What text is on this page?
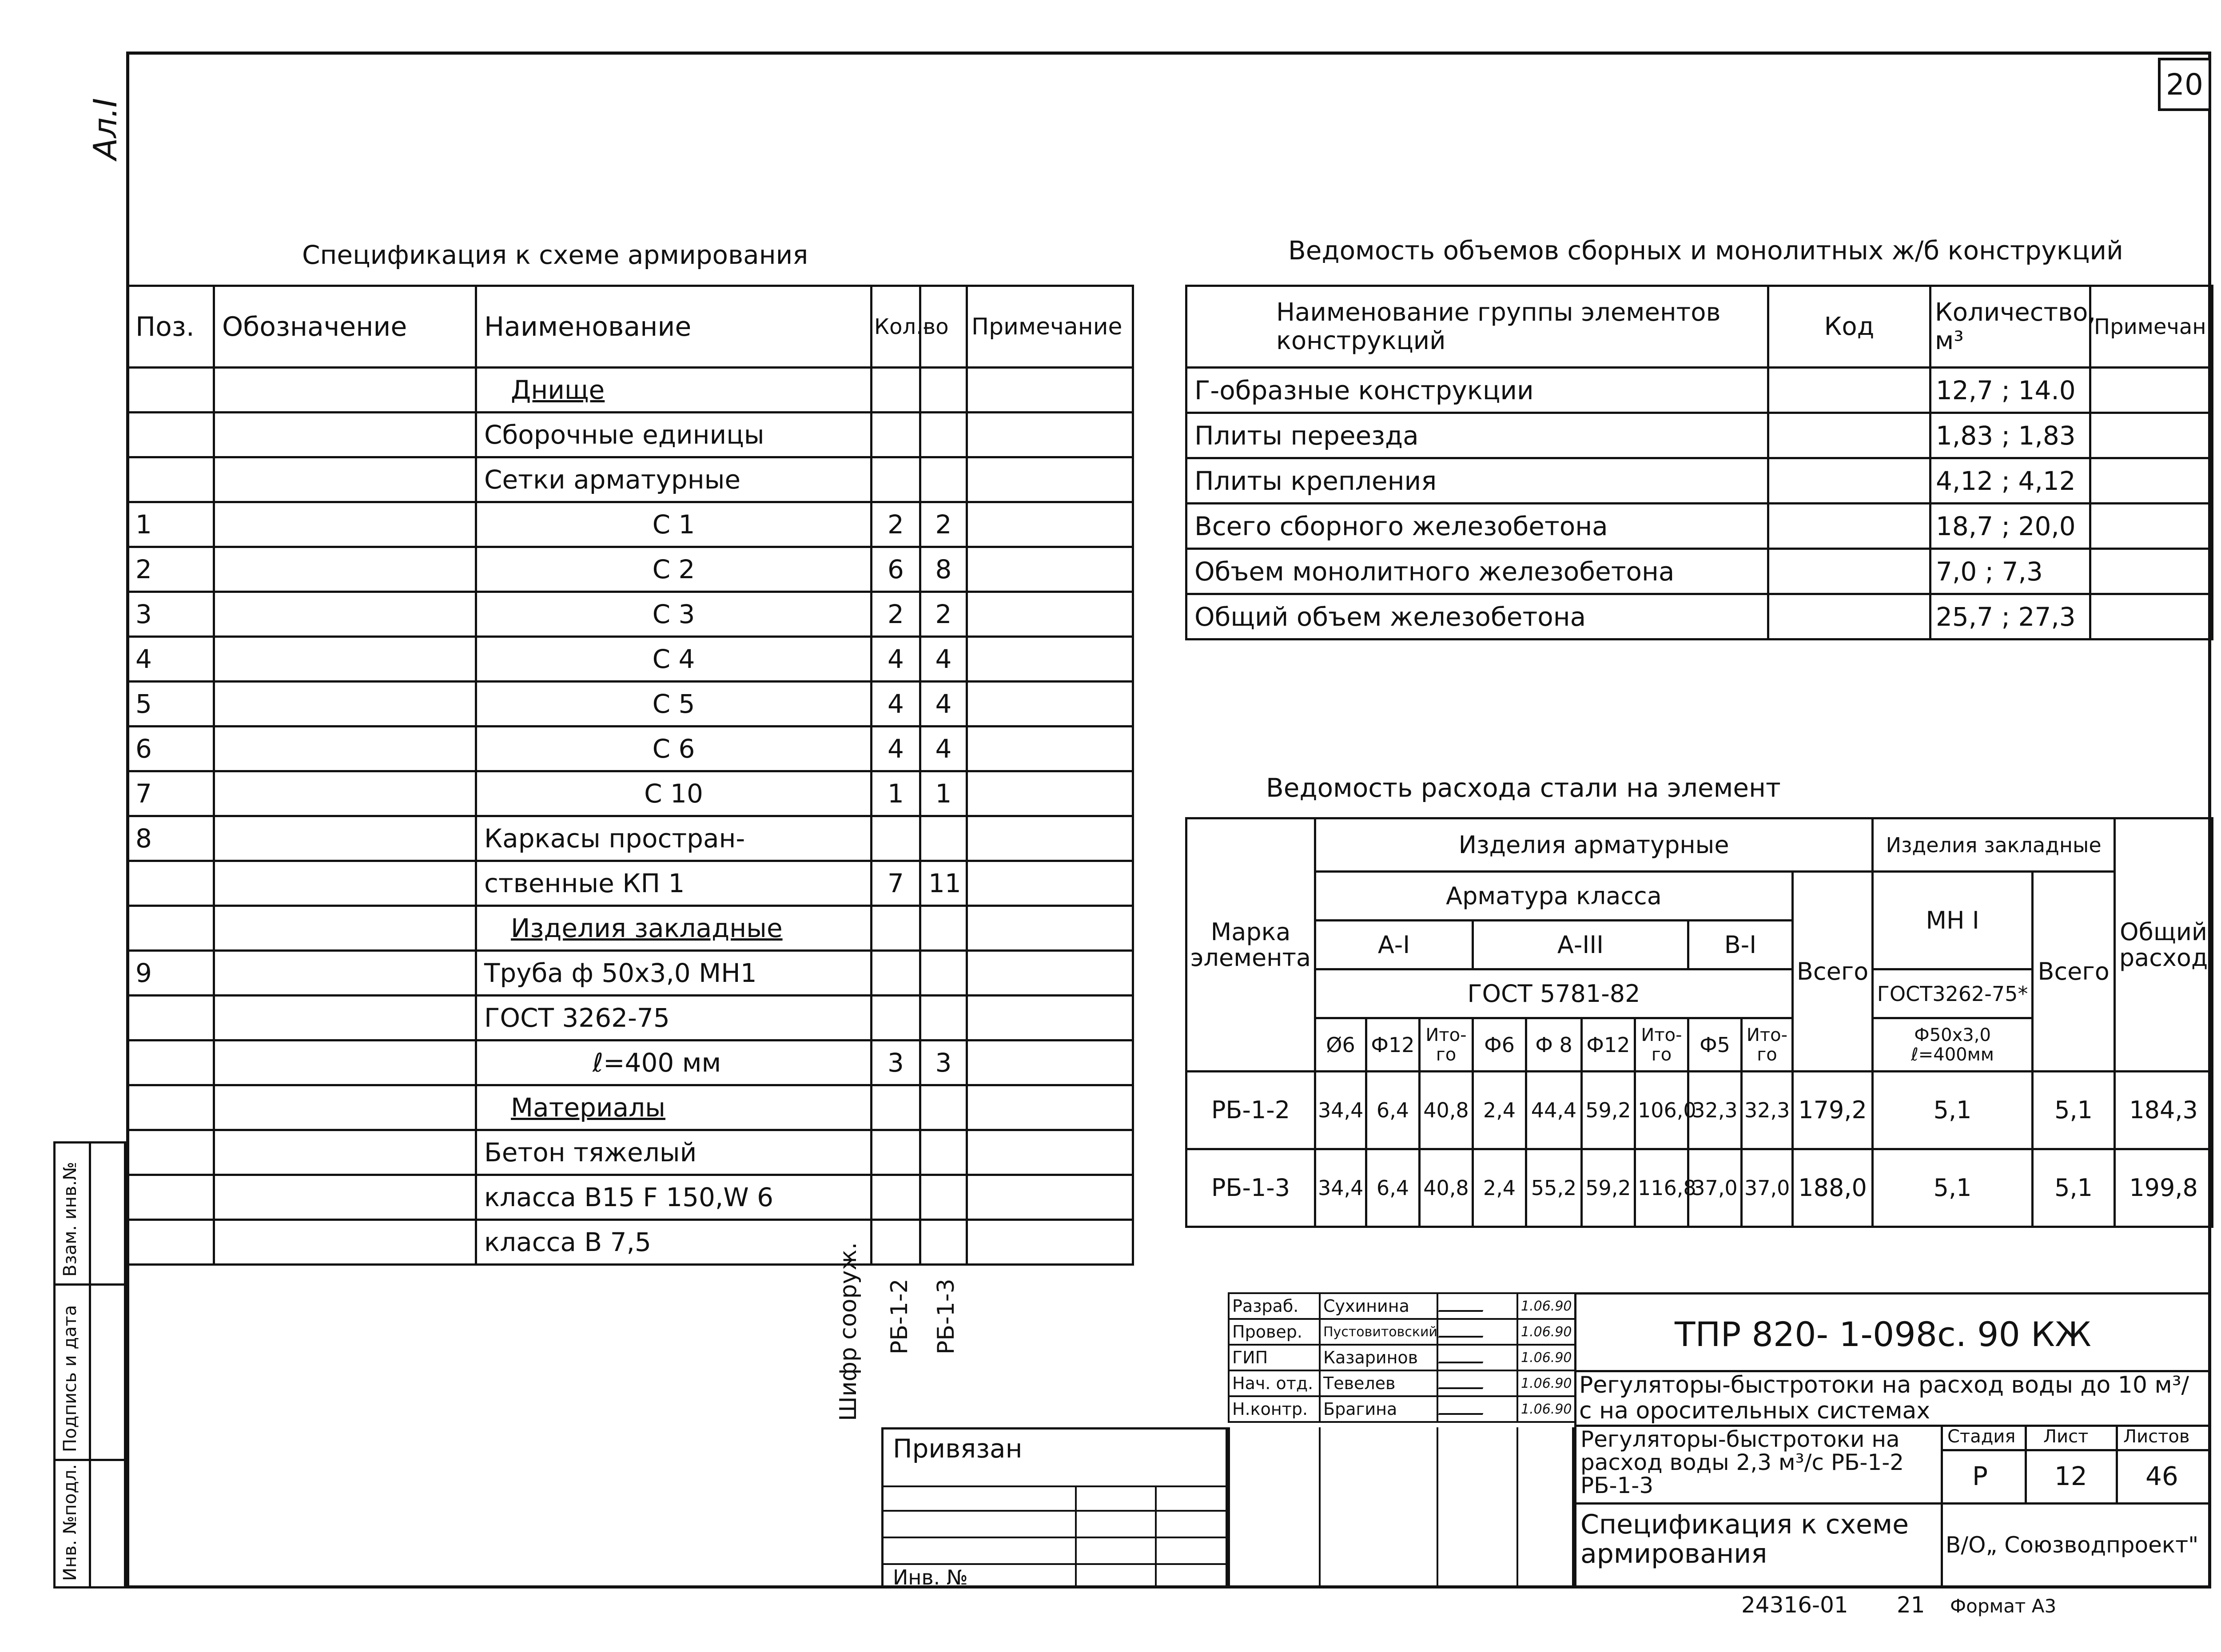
20
Ал.I
Спецификация к схеме армирования
Поз.	Обозначение	Наименование	Кол.-	во	Примечание
		Днище			
		Сборочные единицы			
		Сетки арматурные			
1		С 1	2	2	
2		С 2	6	8	
3		С 3	2	2	
4		С 4	4	4	
5		С 5	4	4	
6		С 6	4	4	
7		С 10	1	1	
8		Каркасы простран-			
		ственные КП 1	7	11	
		Изделия закладные			
9		Труба ф 50х3,0 МН1			
		ГОСТ 3262-75			
		ℓ=400 мм	3	3	
		Материалы			
		Бетон тяжелый			
		класса В15 F 150,W 6			
		класса В 7,5			
Шифр сооруж. РБ-1-2 РБ-1-3
Ведомость объемов сборных и монолитных ж/б конструкций
Наименование группы элементов конструкций	Код	Количество, м³	Примечан.
Г-образные конструкции		12,7 ; 14.0	
Плиты переезда		1,83 ; 1,83	
Плиты крепления		4,12 ; 4,12	
Всего сборного железобетона		18,7 ; 20,0	
Объем монолитного железобетона		7,0 ; 7,3	
Общий объем железобетона		25,7 ; 27,3	
Ведомость расхода стали на элемент
Марка элемента	Изделия арматурные										Изделия закладные		Общий расход
	Арматура класса									Всего	МН I	Всего	
	А-I			А-III				В-I					
	ГОСТ 5781-82										ГОСТ3262-75*		
	Ø6	Ф12	Ито-го	Ф6	Ф 8	Ф12	Ито-го	Ф5	Ито-го		Ф50х3,0 ℓ=400мм		
РБ-1-2	34,4	6,4	40,8	2,4	44,4	59,2	106,0	32,3	32,3	179,2	5,1	5,1	184,3
РБ-1-3	34,4	6,4	40,8	2,4	55,2	59,2	116,8	37,0	37,0	188,0	5,1	5,1	199,8
Взам. инв.№
Подпись и дата
Инв. №подл.
Привязан
Инв. №
Разраб.	Сухинина		1.06.90
Провер.	Пустовитовский		1.06.90
ГИП	Казаринов		1.06.90
Нач. отд.	Тевелев		1.06.90
Н.контр.	Брагина		1.06.90
ТПР 820- 1-098с. 90 КЖ
Регуляторы-быстротоки на расход воды до 10 м³/с на оросительных системах
Регуляторы-быстротоки на расход воды 2,3 м³/с РБ-1-2 РБ-1-3
Спецификация к схеме армирования
Стадия Лист Листов
Р	12 46
В/О„ Союзводпроект"
24316-01 21 Формат А3
